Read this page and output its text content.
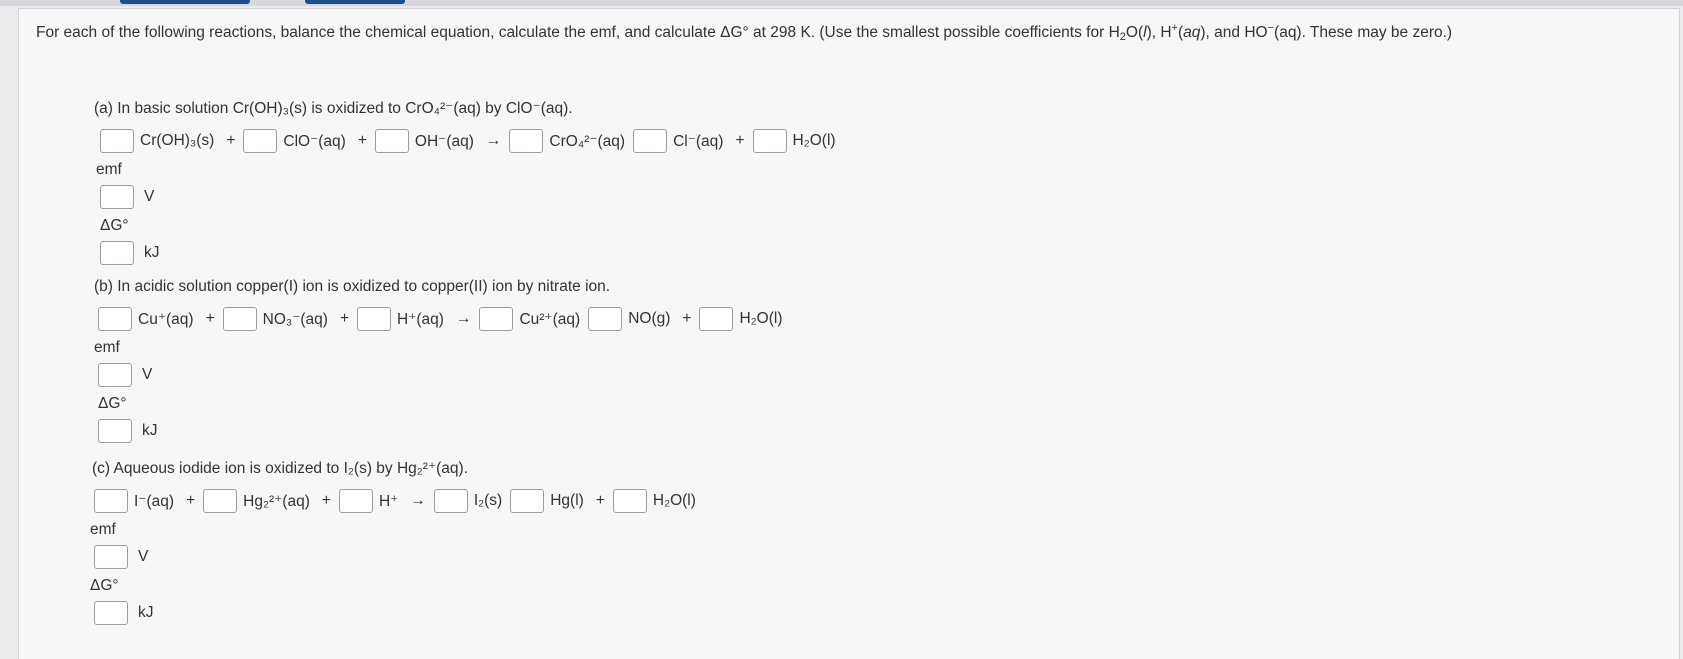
For each of the following reactions, balance the chemical equation, calculate the emf, and calculate ΔG° at 298 K. (Use the smallest possible coefficients for $H_2O(l)$, H+(aq), and HO−(aq). These may be zero.)
(a) In basic solution Cr(OH)₃(s) is oxidized to CrO₄²⁻(aq) by ClO⁻(aq).
Cr(OH)₃(s) +	ClO⁻(aq) +	OH⁻(aq) →	CrO₄²⁻(aq)	Cl⁻(aq) +	H₂O(l)
emf
V
ΔG°
kJ
(b) In acidic solution copper(I) ion is oxidized to copper(II) ion by nitrate ion.
Cu⁺(aq) +	NO₃⁻(aq) +	H⁺(aq) →	Cu²⁺(aq)	NO(g) +	H₂O(l)
emf
V
ΔG°
kJ
(c) Aqueous iodide ion is oxidized to I₂(s) by Hg₂²⁺(aq).
I⁻(aq) +	Hg₂²⁺(aq) +	H⁺ →	I₂(s)	Hg(l) +	H₂O(l)
emf
V
ΔG°
kJ
